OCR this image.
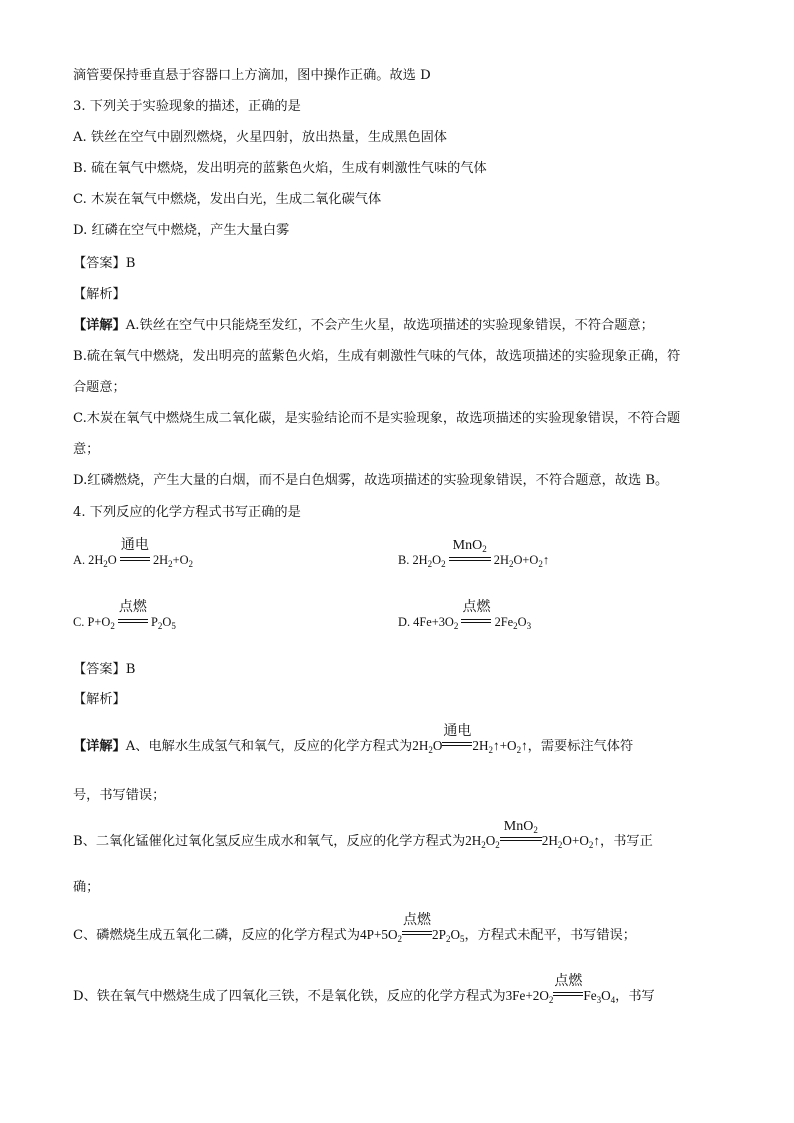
滴管要保持垂直悬于容器口上方滴加，图中操作正确。故选 D
3. 下列关于实验现象的描述，正确的是
A. 铁丝在空气中剧烈燃烧，火星四射，放出热量，生成黑色固体
B. 硫在氧气中燃烧，发出明亮的蓝紫色火焰，生成有刺激性气味的气体
C. 木炭在氧气中燃烧，发出白光，生成二氧化碳气体
D. 红磷在空气中燃烧，产生大量白雾
【答案】B
【解析】
【详解】A.铁丝在空气中只能烧至发红，不会产生火星，故选项描述的实验现象错误，不符合题意；
B.硫在氧气中燃烧，发出明亮的蓝紫色火焰，生成有刺激性气味的气体，故选项描述的实验现象正确，符
合题意；
C.木炭在氧气中燃烧生成二氧化碳，是实验结论而不是实验现象，故选项描述的实验现象错误，不符合题
意；
D.红磷燃烧，产生大量的白烟，而不是白色烟雾，故选项描述的实验现象错误，不符合题意，故选 B。
4. 下列反应的化学方程式书写正确的是
A. $2H_2O$
通电
$2H_2+O_2$	B. $2H_2O_2$
MnO$_2$
$2H_2O+O_2↑$
C. $P+O_2$
点燃
$P_2O_5$	D. $4Fe+3O_2$
点燃
$2Fe_2O_3$
【答案】B
【解析】
【详解】A、电解水生成氢气和氧气，反应的化学方程式为$2H_2O$
通电
$2H_2↑+O_2↑$，需要标注气体符
号，书写错误；
B、二氧化锰催化过氧化氢反应生成水和氧气，反应的化学方程式为$2H_2O_2$
MnO$_2$
$2H_2O+O_2↑$，书写正
确；
C、磷燃烧生成五氧化二磷，反应的化学方程式为$4P+5O_2$
点燃
$2P_2O_5$，方程式未配平，书写错误；
D、铁在氧气中燃烧生成了四氧化三铁，不是氧化铁，反应的化学方程式为$3Fe+2O_2$
点燃
$Fe_3O_4$，书写
